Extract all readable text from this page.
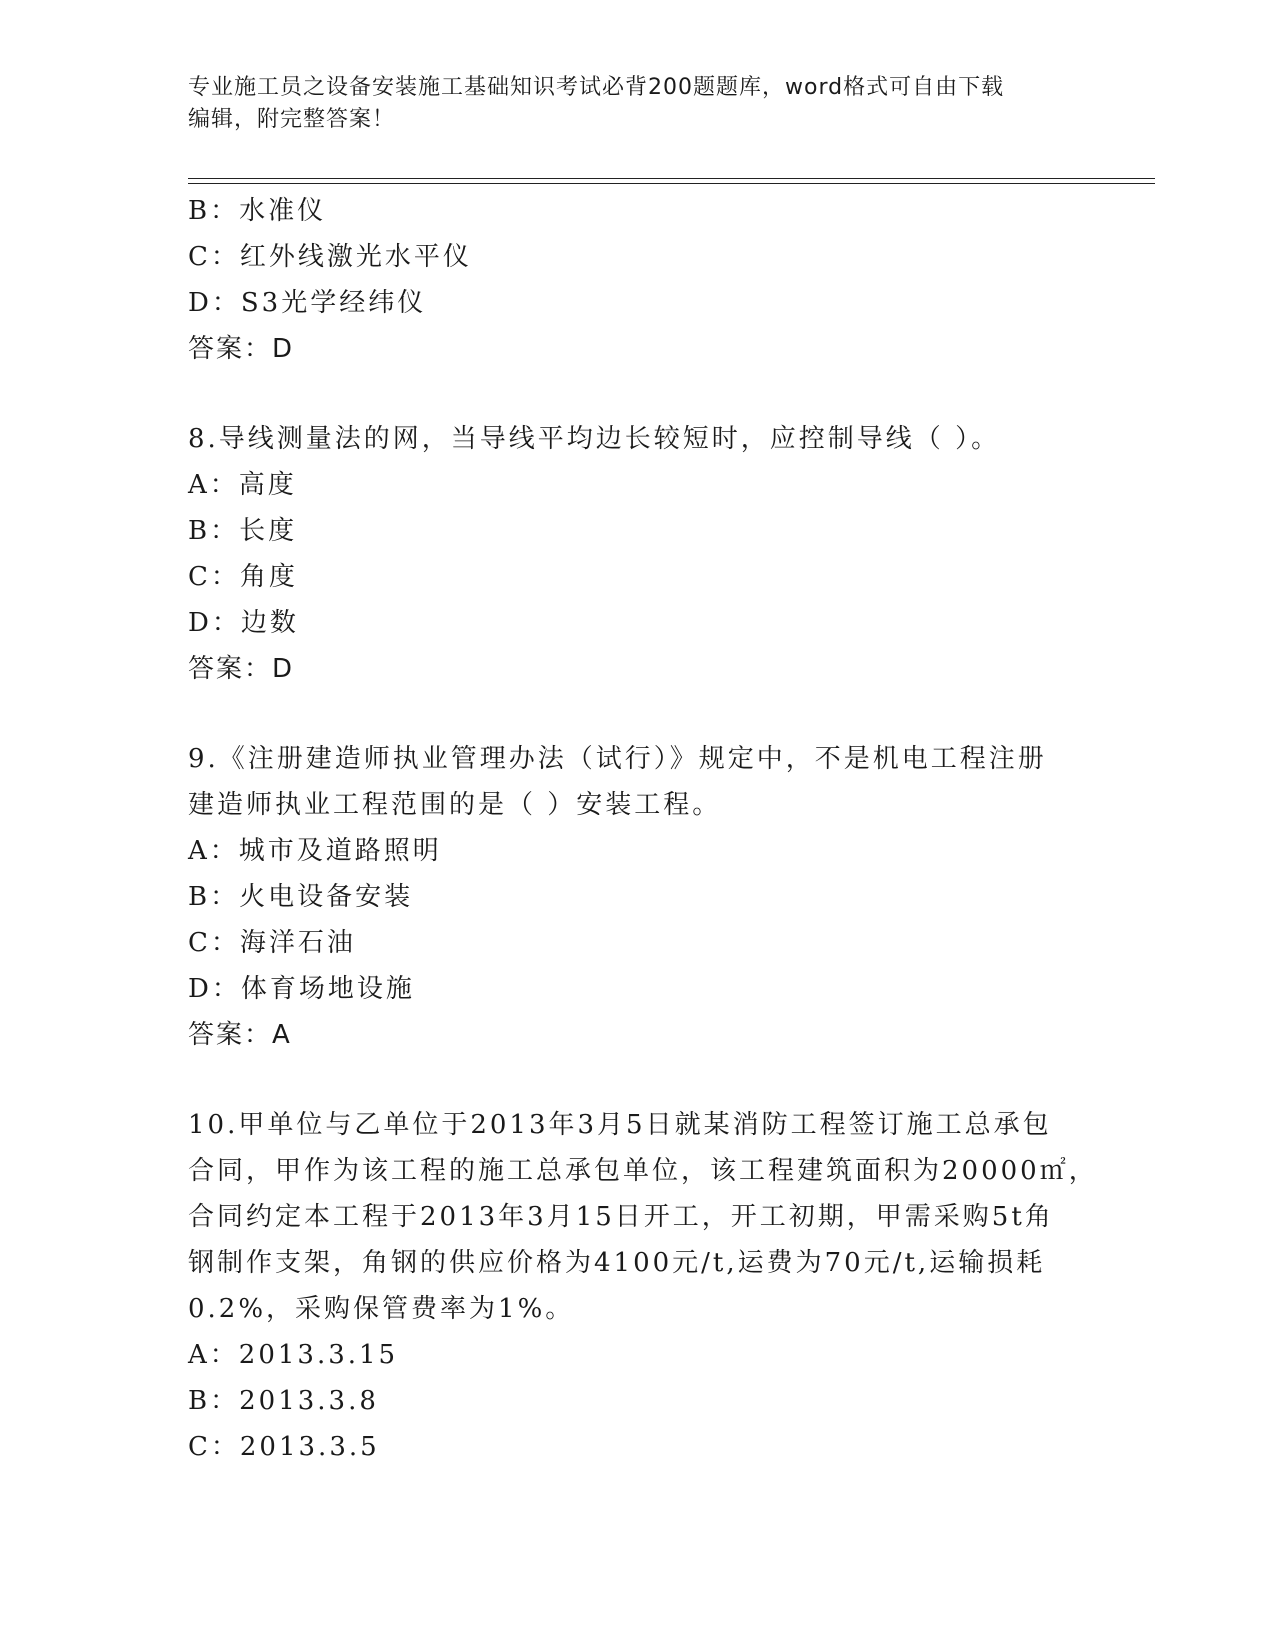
专业施工员之设备安装施工基础知识考试必背200题题库，word格式可自由下载
编辑，附完整答案！
B：水准仪
C：红外线激光水平仪
D：S3光学经纬仪
答案：D
8.导线测量法的网，当导线平均边长较短时，应控制导线（ ）。
A：高度
B：长度
C：角度
D：边数
答案：D
9.《注册建造师执业管理办法（试行）》规定中，不是机电工程注册
建造师执业工程范围的是（ ）安装工程。
A：城市及道路照明
B：火电设备安装
C：海洋石油
D：体育场地设施
答案：A
10.甲单位与乙单位于2013年3月5日就某消防工程签订施工总承包
合同，甲作为该工程的施工总承包单位，该工程建筑面积为20000㎡，
合同约定本工程于2013年3月15日开工，开工初期，甲需采购5t角
钢制作支架，角钢的供应价格为4100元/t,运费为70元/t,运输损耗
0.2%，采购保管费率为1%。
A：2013.3.15
B：2013.3.8
C：2013.3.5
